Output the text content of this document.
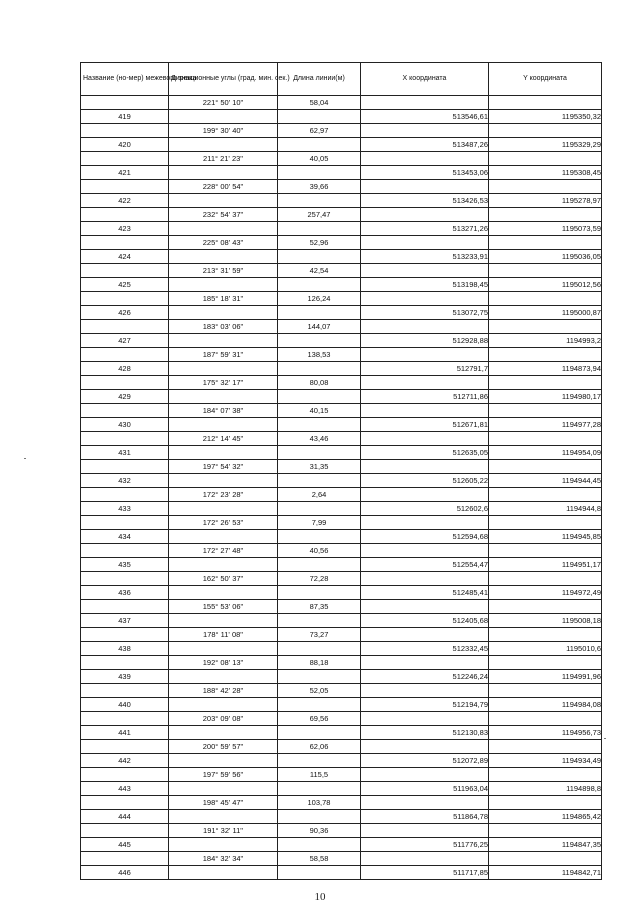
Название (но-мер) межевого знака	Дирекционные углы (град. мин. сек.)	Длина линии(м)	X координата	Y координата
	221° 50' 10"	58,04		
419			513546,61	1195350,32
	199° 30' 40"	62,97		
420			513487,26	1195329,29
	211° 21' 23"	40,05		
421			513453,06	1195308,45
	228° 00' 54"	39,66		
422			513426,53	1195278,97
	232° 54' 37"	257,47		
423			513271,26	1195073,59
	225° 08' 43"	52,96		
424			513233,91	1195036,05
	213° 31' 59"	42,54		
425			513198,45	1195012,56
	185° 18' 31"	126,24		
426			513072,75	1195000,87
	183° 03' 06"	144,07		
427			512928,88	1194993,2
	187° 59' 31"	138,53		
428			512791,7	1194873,94
	175° 32' 17"	80,08		
429			512711,86	1194980,17
	184° 07' 38"	40,15		
430			512671,81	1194977,28
	212° 14' 45"	43,46		
431			512635,05	1194954,09
	197° 54' 32"	31,35		
432			512605,22	1194944,45
	172° 23' 28"	2,64		
433			512602,6	1194944,8
	172° 26' 53"	7,99		
434			512594,68	1194945,85
	172° 27' 48"	40,56		
435			512554,47	1194951,17
	162° 50' 37"	72,28		
436			512485,41	1194972,49
	155° 53' 06"	87,35		
437			512405,68	1195008,18
	178° 11' 08"	73,27		
438			512332,45	1195010,6
	192° 08' 13"	88,18		
439			512246,24	1194991,96
	188° 42' 28"	52,05		
440			512194,79	1194984,08
	203° 09' 08"	69,56		
441			512130,83	1194956,73
	200° 59' 57"	62,06		
442			512072,89	1194934,49
	197° 59' 56"	115,5		
443			511963,04	1194898,8
	198° 45' 47"	103,78		
444			511864,78	1194865,42
	191° 32' 11"	90,36		
445			511776,25	1194847,35
	184° 32' 34"	58,58		
446			511717,85	1194842,71
10
